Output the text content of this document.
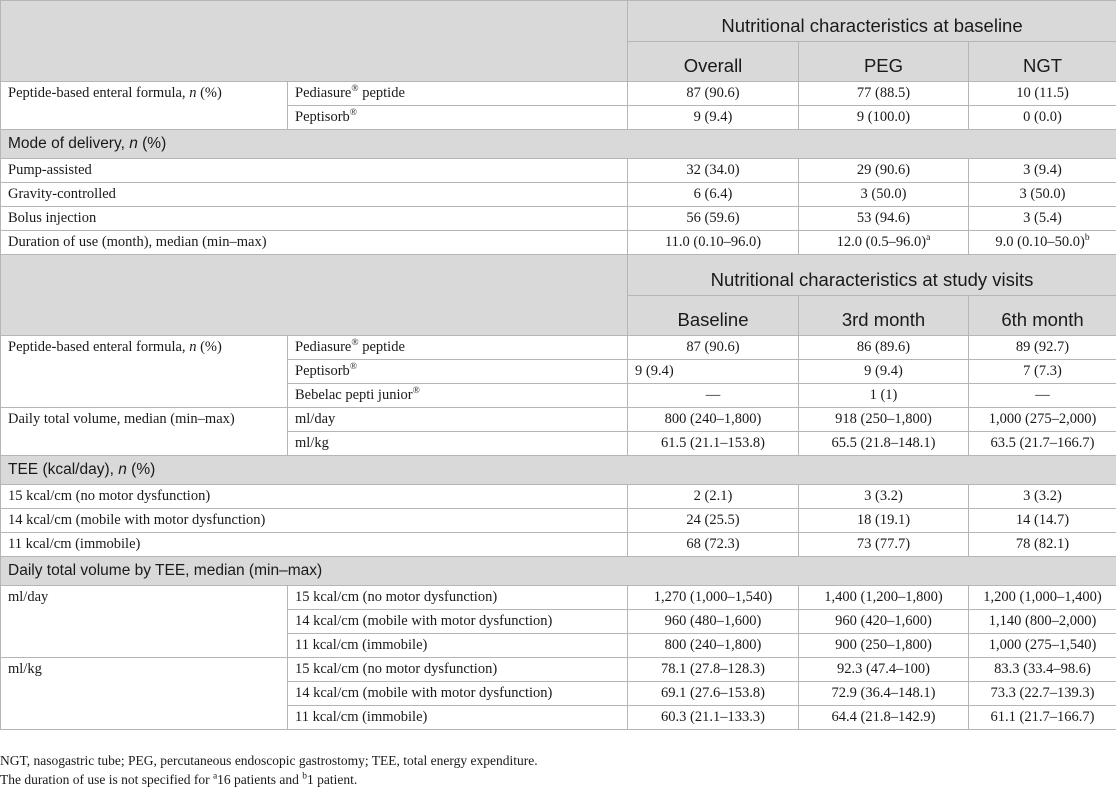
		Nutritional characteristics at baseline		
		Overall	PEG	NGT
Peptide-based enteral formula, n (%)	Pediasure® peptide	87 (90.6)	77 (88.5)	10 (11.5)
	Peptisorb®	9 (9.4)	9 (100.0)	0 (0.0)
Mode of delivery, n (%)				
Pump-assisted		32 (34.0)	29 (90.6)	3 (9.4)
Gravity-controlled		6 (6.4)	3 (50.0)	3 (50.0)
Bolus injection		56 (59.6)	53 (94.6)	3 (5.4)
Duration of use (month), median (min–max)		11.0 (0.10–96.0)	12.0 $(0.5-96.0)^a$	9.0 $(0.10-50.0)^b$
		Nutritional characteristics at study visits		
		Baseline	3rd month	6th month
Peptide-based enteral formula, n (%)	Pediasure® peptide	87 (90.6)	86 (89.6)	89 (92.7)
	Peptisorb®	9 (9.4)	9 (9.4)	7 (7.3)
	Bebelac pepti junior®	—	1 (1)	—
Daily total volume, median (min–max)	ml/day	800 (240–1,800)	918 (250–1,800)	1,000 (275–2,000)
	ml/kg	61.5 (21.1–153.8)	65.5 (21.8–148.1)	63.5 (21.7–166.7)
TEE (kcal/day), n (%)				
15 kcal/cm (no motor dysfunction)		2 (2.1)	3 (3.2)	3 (3.2)
14 kcal/cm (mobile with motor dysfunction)		24 (25.5)	18 (19.1)	14 (14.7)
11 kcal/cm (immobile)		68 (72.3)	73 (77.7)	78 (82.1)
Daily total volume by TEE, median (min–max)				
ml/day	15 kcal/cm (no motor dysfunction)	1,270 (1,000–1,540)	1,400 (1,200–1,800)	1,200 (1,000–1,400)
	14 kcal/cm (mobile with motor dysfunction)	960 (480–1,600)	960 (420–1,600)	1,140 (800–2,000)
	11 kcal/cm (immobile)	800 (240–1,800)	900 (250–1,800)	1,000 (275–1,540)
ml/kg	15 kcal/cm (no motor dysfunction)	78.1 (27.8–128.3)	92.3 (47.4–100)	83.3 (33.4–98.6)
	14 kcal/cm (mobile with motor dysfunction)	69.1 (27.6–153.8)	72.9 (36.4–148.1)	73.3 (22.7–139.3)
	11 kcal/cm (immobile)	60.3 (21.1–133.3)	64.4 (21.8–142.9)	61.1 (21.7–166.7)
NGT, nasogastric tube; PEG, percutaneous endoscopic gastrostomy; TEE, total energy expenditure.
The duration of use is not specified for $^a$16 patients and $^b$1 patient.
